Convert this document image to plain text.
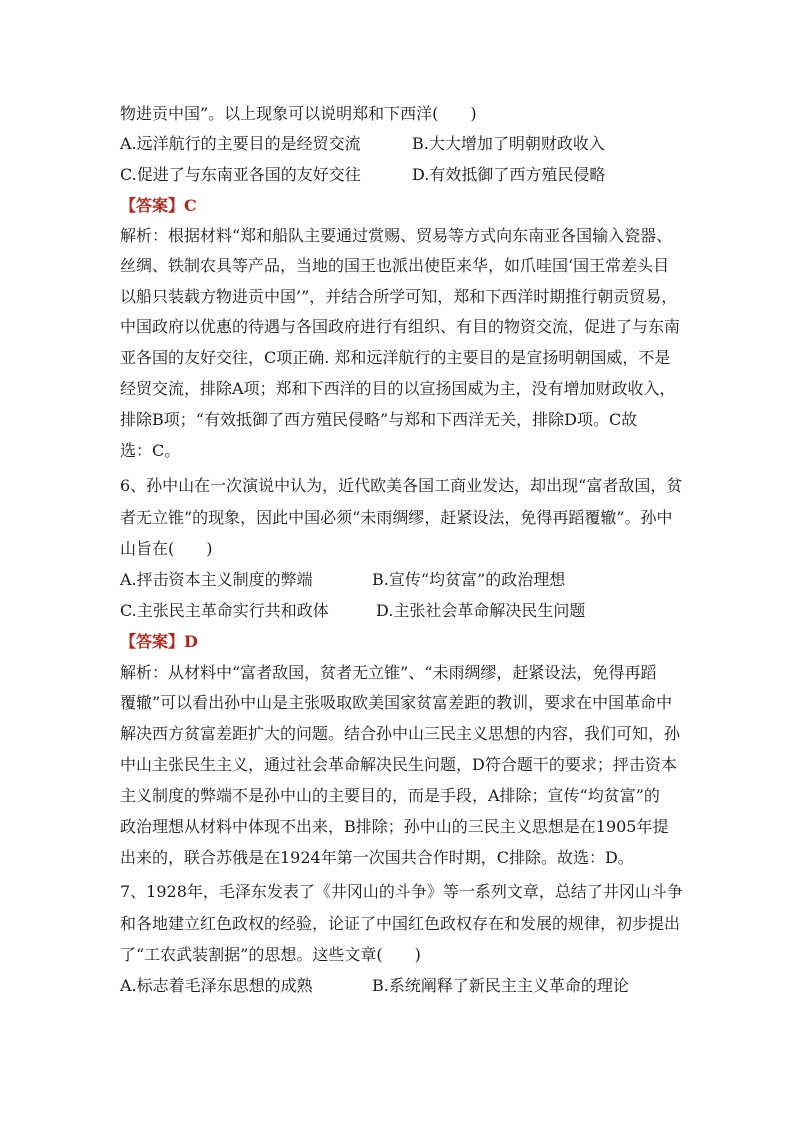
物进贡中国”。以上现象可以说明郑和下西洋(　　)
A.远洋航行的主要目的是经贸交流	B.大大增加了明朝财政收入
C.促进了与东南亚各国的友好交往	D.有效抵御了西方殖民侵略
【答案】C
解析：根据材料“郑和船队主要通过赏赐、贸易等方式向东南亚各国输入瓷器、
丝绸、铁制农具等产品，当地的国王也派出使臣来华，如爪哇国‘国王常差头目
以船只装载方物进贡中国’”，并结合所学可知，郑和下西洋时期推行朝贡贸易，
中国政府以优惠的待遇与各国政府进行有组织、有目的物资交流，促进了与东南
亚各国的友好交往，C项正确. 郑和远洋航行的主要目的是宣扬明朝国威，不是
经贸交流，排除A项；郑和下西洋的目的以宣扬国威为主，没有增加财政收入，
排除B项；“有效抵御了西方殖民侵略”与郑和下西洋无关，排除D项。C故
选：C。
6、孙中山在一次演说中认为，近代欧美各国工商业发达，却出现“富者敌国，贫
者无立锥”的现象，因此中国必须“未雨绸缪，赶紧设法，免得再蹈覆辙”。孙中
山旨在(　　)
A.抨击资本主义制度的弊端	B.宣传“均贫富”的政治理想
C.主张民主革命实行共和政体	D.主张社会革命解决民生问题
【答案】D
解析：从材料中“富者敌国，贫者无立锥”、“未雨绸缪，赶紧设法，免得再蹈
覆辙”可以看出孙中山是主张吸取欧美国家贫富差距的教训，要求在中国革命中
解决西方贫富差距扩大的问题。结合孙中山三民主义思想的内容，我们可知，孙
中山主张民生主义，通过社会革命解决民生问题，D符合题干的要求；抨击资本
主义制度的弊端不是孙中山的主要目的，而是手段，A排除；宣传“均贫富”的
政治理想从材料中体现不出来，B排除；孙中山的三民主义思想是在1905年提
出来的，联合苏俄是在1924年第一次国共合作时期，C排除。故选：D。
7、1928年，毛泽东发表了《井冈山的斗争》等一系列文章，总结了井冈山斗争
和各地建立红色政权的经验，论证了中国红色政权存在和发展的规律，初步提出
了“工农武装割据”的思想。这些文章(　　)
A.标志着毛泽东思想的成熟	B.系统阐释了新民主主义革命的理论
